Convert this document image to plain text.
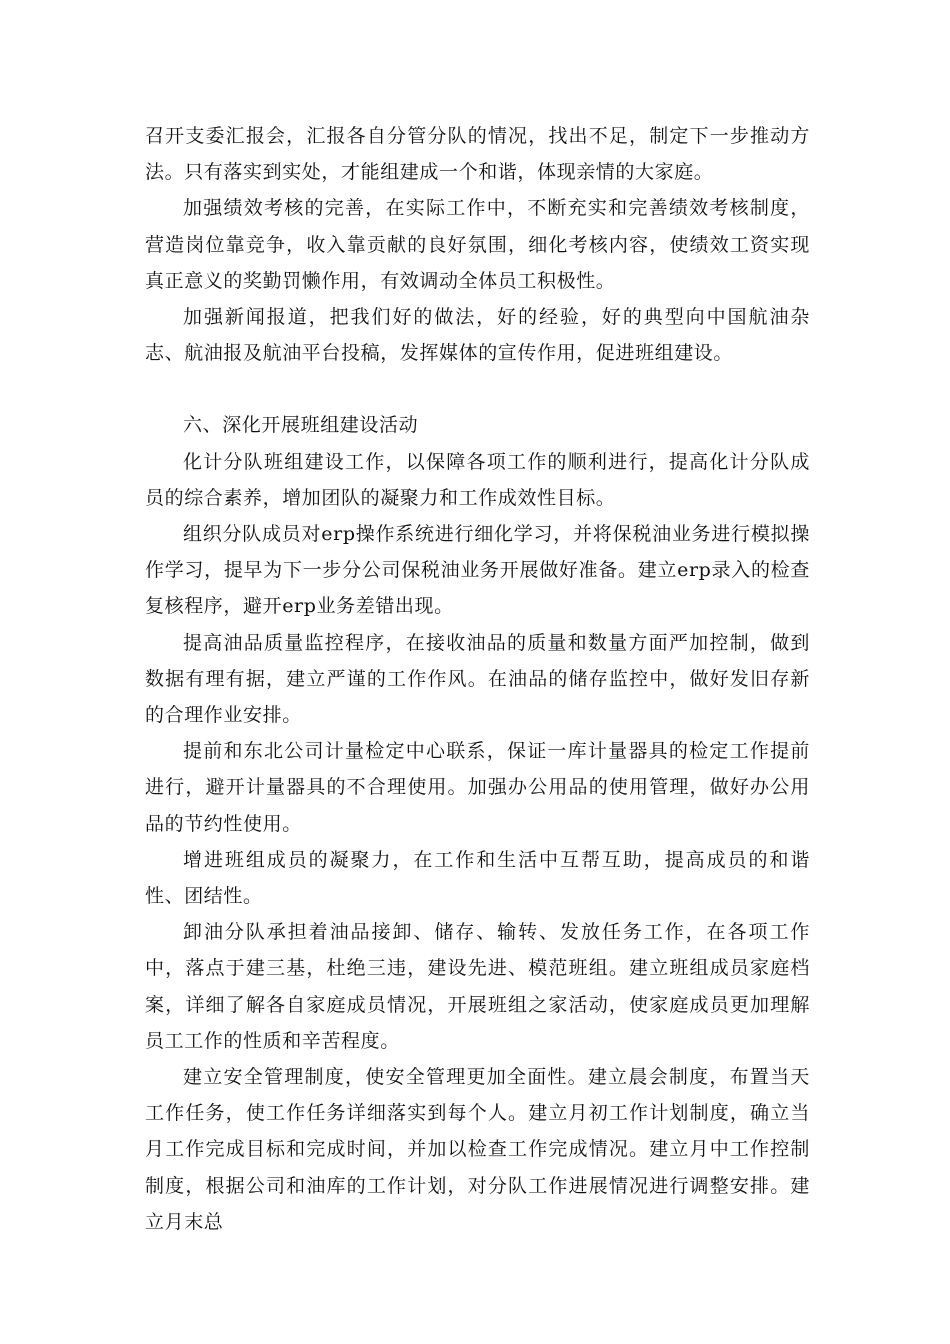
召开支委汇报会，汇报各自分管分队的情况，找出不足，制定下一步推动方法。只有落实到实处，才能组建成一个和谐，体现亲情的大家庭。

加强绩效考核的完善，在实际工作中，不断充实和完善绩效考核制度，营造岗位靠竞争，收入靠贡献的良好氛围，细化考核内容，使绩效工资实现真正意义的奖勤罚懒作用，有效调动全体员工积极性。

加强新闻报道，把我们好的做法，好的经验，好的典型向中国航油杂志、航油报及航油平台投稿，发挥媒体的宣传作用，促进班组建设。

六、深化开展班组建设活动

化计分队班组建设工作，以保障各项工作的顺利进行，提高化计分队成员的综合素养，增加团队的凝聚力和工作成效性目标。

组织分队成员对erp操作系统进行细化学习，并将保税油业务进行模拟操作学习，提早为下一步分公司保税油业务开展做好准备。建立erp录入的检查复核程序，避开erp业务差错出现。

提高油品质量监控程序，在接收油品的质量和数量方面严加控制，做到数据有理有据，建立严谨的工作作风。在油品的储存监控中，做好发旧存新的合理作业安排。

提前和东北公司计量检定中心联系，保证一库计量器具的检定工作提前进行，避开计量器具的不合理使用。加强办公用品的使用管理，做好办公用品的节约性使用。

增进班组成员的凝聚力，在工作和生活中互帮互助，提高成员的和谐性、团结性。

卸油分队承担着油品接卸、储存、输转、发放任务工作，在各项工作中，落点于建三基，杜绝三违，建设先进、模范班组。建立班组成员家庭档案，详细了解各自家庭成员情况，开展班组之家活动，使家庭成员更加理解员工工作的性质和辛苦程度。

建立安全管理制度，使安全管理更加全面性。建立晨会制度，布置当天工作任务，使工作任务详细落实到每个人。建立月初工作计划制度，确立当月工作完成目标和完成时间，并加以检查工作完成情况。建立月中工作控制制度，根据公司和油库的工作计划，对分队工作进展情况进行调整安排。建立月末总
